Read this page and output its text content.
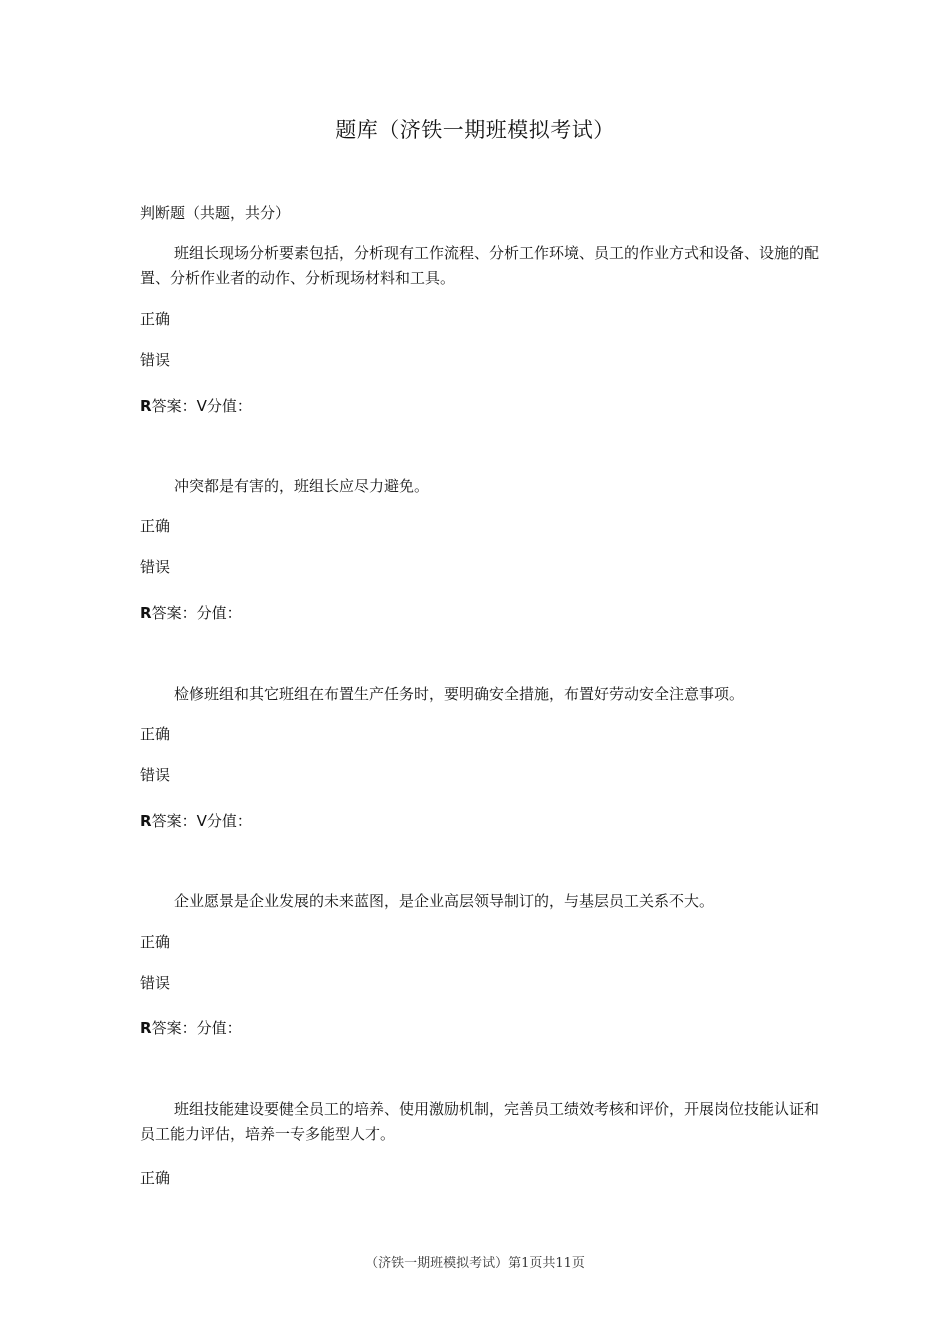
题库（济铁一期班模拟考试）
判断题（共题，共分）
班组长现场分析要素包括，分析现有工作流程、分析工作环境、员工的作业方式和设备、设施的配置、分析作业者的动作、分析现场材料和工具。
正确
错误
R答案：V分值：
冲突都是有害的，班组长应尽力避免。
正确
错误
R答案：分值：
检修班组和其它班组在布置生产任务时，要明确安全措施，布置好劳动安全注意事项。
正确
错误
R答案：V分值：
企业愿景是企业发展的未来蓝图，是企业高层领导制订的，与基层员工关系不大。
正确
错误
R答案：分值：
班组技能建设要健全员工的培养、使用激励机制，完善员工绩效考核和评价，开展岗位技能认证和员工能力评估，培养一专多能型人才。
正确
（济铁一期班模拟考试）第1页共11页
